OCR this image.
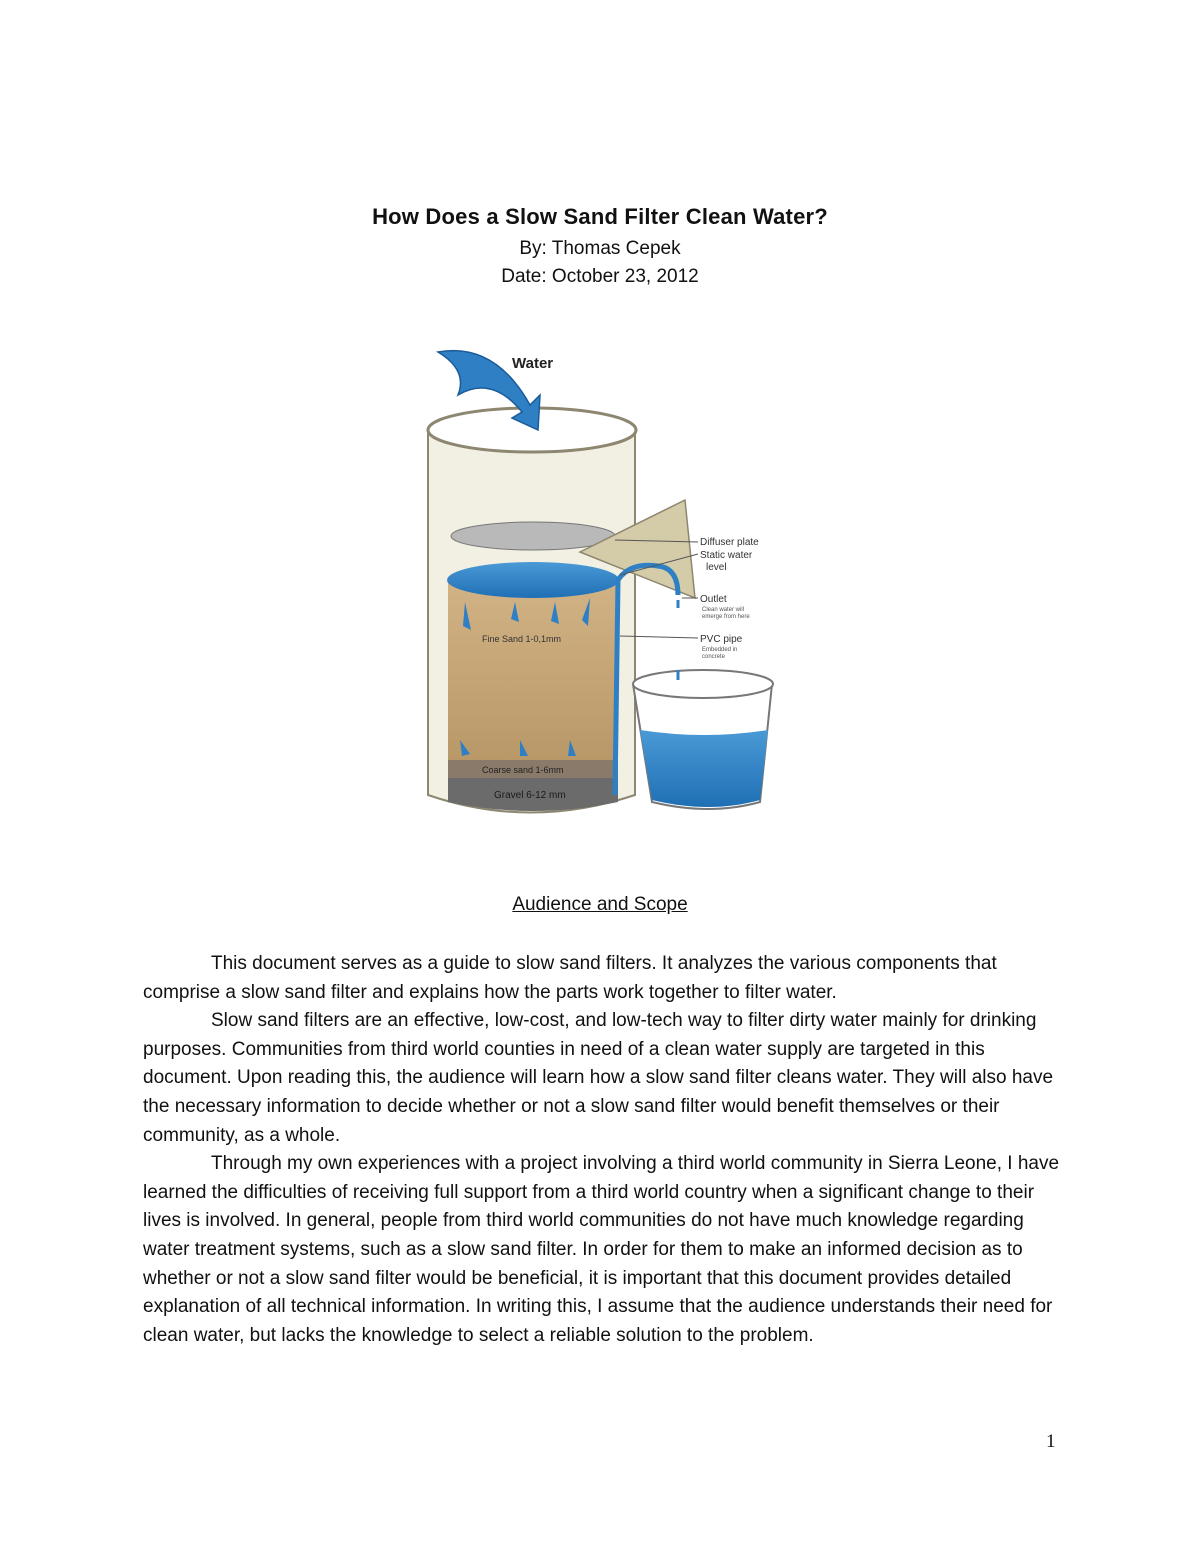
How Does a Slow Sand Filter Clean Water?
By: Thomas Cepek
Date: October 23, 2012
Water
Diffuser plate
Static water
level
Outlet
Clean water will
emerge from here
PVC pipe
Embedded in
concrete
Fine Sand 1-0,1mm
Coarse sand 1-6mm
Gravel 6-12 mm
Audience and Scope

This document serves as a guide to slow sand filters. It analyzes the various components that comprise a slow sand filter and explains how the parts work together to filter water.

Slow sand filters are an effective, low-cost, and low-tech way to filter dirty water mainly for drinking purposes. Communities from third world counties in need of a clean water supply are targeted in this document. Upon reading this, the audience will learn how a slow sand filter cleans water. They will also have the necessary information to decide whether or not a slow sand filter would benefit themselves or their community, as a whole.

Through my own experiences with a project involving a third world community in Sierra Leone, I have learned the difficulties of receiving full support from a third world country when a significant change to their lives is involved. In general, people from third world communities do not have much knowledge regarding water treatment systems, such as a slow sand filter. In order for them to make an informed decision as to whether or not a slow sand filter would be beneficial, it is important that this document provides detailed explanation of all technical information. In writing this, I assume that the audience understands their need for clean water, but lacks the knowledge to select a reliable solution to the problem.

1
